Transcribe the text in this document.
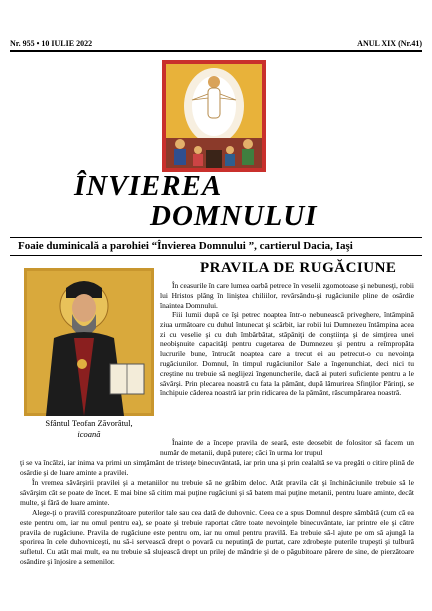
Nr. 955 • 10 IULIE 2022	ANUL XIX (Nr.41)
ÎNVIEREA
DOMNULUI
Foaie duminicală a parohiei “Învierea Domnului ”, cartierul Dacia, Iaşi
Sfântul Teofan Zăvorâtul,
icoană
PRAVILA DE RUGĂCIUNE

În ceasurile în care lumea oarbă petrece în veselii zgomotoase şi nebunesţi, robii lui Hristos plâng în liniştea chiliilor, revărsându-şi rugăciunile pline de osârdie înaintea Domnului.

Fiii lumii după ce îşi petrec noaptea într-o nebunească priveghere, întâmpină ziua următoare cu duhul întunecat şi scârbit, iar robii lui Dumnezeu întâmpina acea zi cu veselie şi cu duh îmbărbătat, stăpâniţi de conştiinţa şi de simţirea unei neobişnuite capacităţi pentru cugetarea de Dumnezeu şi pentru a reîmpropăta lucrurile bune, întrucât noaptea care a trecut ei au petrecut-o cu nevoinţa rugăciunilor. Domnul, în timpul rugăciunilor Sale a îngenunchiat, deci nici tu creştine nu trebuie să neglijezi îngenuncherile, dacă ai puteri suficiente pentru a le săvârşi. Prin plecarea noastră cu fata la pământ, după lămurirea Sfinţilor Părinţi, se închipuie căderea noastră iar prin ridicarea de la pământ, răscumpărarea noastră.

Înainte de a începe pravila de seară, este deosebit de folositor să facem un număr de metanii, după putere; căci în urma lor trupul

ţi se va încălzi, iar inima va primi un simţământ de tristeţe binecuvântată, iar prin una şi prin cealaltă se va pregăti o citire plină de osârdie şi de luare aminte a pravilei.

În vremea săvârşirii pravilei şi a metaniilor nu trebuie să ne grăbim deloc. Atât pravila cât şi închinăciunile trebuie să le săvârşim cât se poate de încet. E mai bine să citim mai puţine rugăciuni şi să batem mai puţine metanii, pentru luare aminte, decât multe, şi fără de luare aminte.

Alege-ţi o pravilă corespunzătoare puterilor tale sau cea dată de duhovnic. Ceea ce a spus Domnul despre sâmbătă (cum că ea este pentru om, iar nu omul pentru ea), se poate şi trebuie raportat către toate nevoinţele binecuvântate, iar printre ele şi către pravila de rugăciune. Pravila de rugăciune este pentru om, iar nu omul pentru pravilă. Ea trebuie să-l ajute pe om să ajungă la sporirea în cele duhovniceşti, nu să-i servească drept o povară cu neputinţă de purtat, care zdrobeşte puterile trupeşti şi tulbură sufletul. Cu atât mai mult, ea nu trebuie să slujească drept un prilej de mândrie şi de o păgubitoare părere de sine, de pierzătoare osândire şi înjosire a semenilor.
